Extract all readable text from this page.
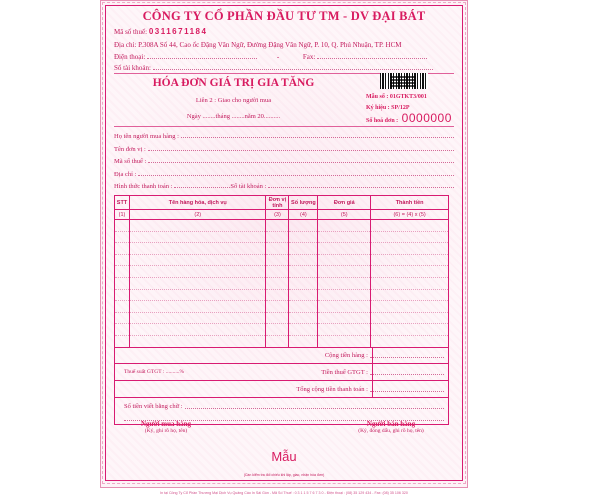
CÔNG TY CỔ PHẦN ĐẦU TƯ TM - DV ĐẠI BÁT
Mã số thuế: 0311671184
Địa chỉ: P.308A Số 44, Cao ốc Đặng Văn Ngữ, Đường Đặng Văn Ngữ, P. 10, Q. Phú Nhuận, TP. HCM
Điện thoại:	-	Fax:
Số tài khoản:
HÓA ĐƠN GIÁ TRỊ GIA TĂNG
Liên 2 : Giao cho người mua
Ngày ........tháng ........năm 20..........
Mẫu số : 01GTKT3/001
Ký hiệu : SP/12P
Số hoá đơn : 0000000
Họ tên người mua hàng :
Tên đơn vị :
Mã số thuế :
Địa chỉ :
Hình thức thanh toán :	Số tài khoản :
STT	Tên hàng hóa, dịch vụ	Đơn vị tính	Số lượng	Đơn giá	Thành tiền
(1)	(2)	(3)	(4)	(5)	(6) = (4) x (5)

Cộng tiền hàng :
Thuế suất GTGT : ..........%	Tiền thuế GTGT :
Tổng cộng tiền thanh toán :
Số tiền viết bằng chữ :
Người mua hàng
(Ký, ghi rõ họ, tên)
Người bán hàng
(Ký, đóng dấu, ghi rõ họ, tên)
Mẫu
(Cần kiểm tra đối chiếu khi lập, giao, nhận hóa đơn)
In tại Công Ty Cổ Phần Thương Mại Dịch Vụ Quảng Cáo In Sài Gòn - Mã Số Thuế : 0 3 1 1 5 7 6 7 3 0 - Điện thoại : (08) 35 129 434 - Fax: (08) 35 106 320
